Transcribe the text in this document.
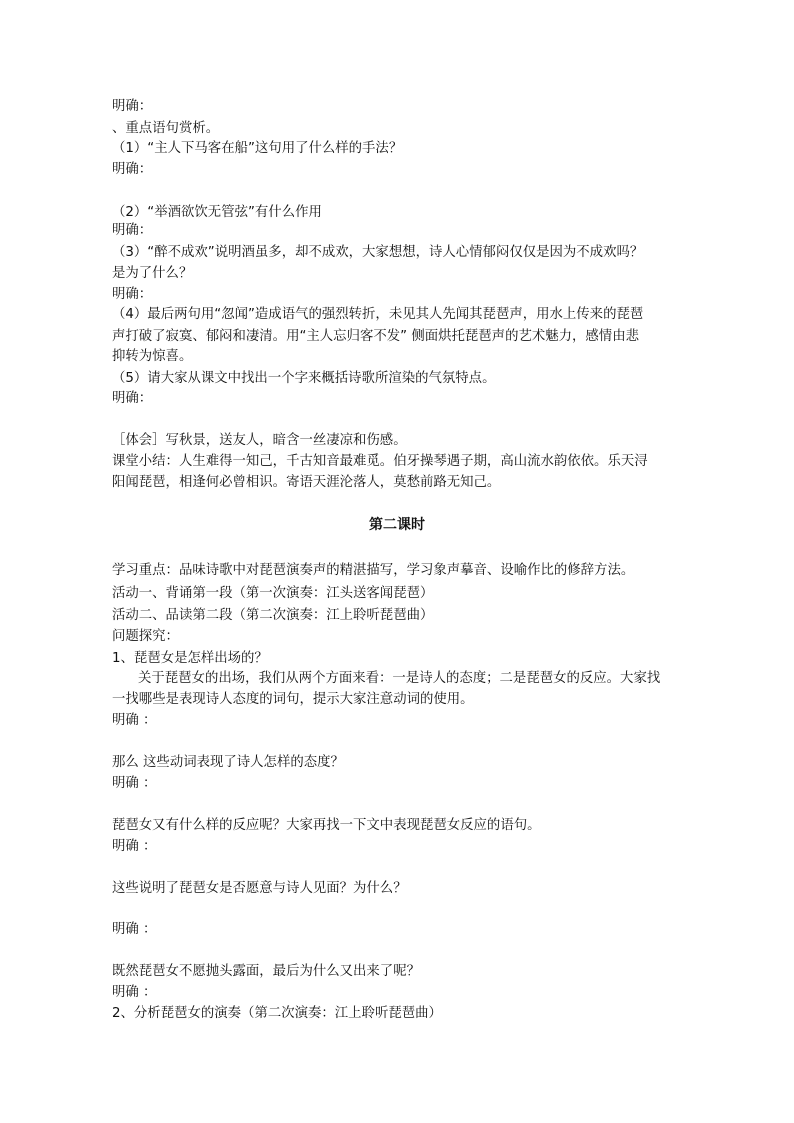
明确：

、重点语句赏析。

（1）“主人下马客在船”这句用了什么样的手法？

明确：

（2）“举酒欲饮无管弦”有什么作用

明确：

（3）“醉不成欢”说明酒虽多，却不成欢，大家想想，诗人心情郁闷仅仅是因为不成欢吗？

是为了什么？

明确：

（4）最后两句用“忽闻”造成语气的强烈转折，未见其人先闻其琵琶声，用水上传来的琵琶

声打破了寂寞、郁闷和凄清。用“主人忘归客不发” 侧面烘托琵琶声的艺术魅力，感情由悲

抑转为惊喜。

（5）请大家从课文中找出一个字来概括诗歌所渲染的气氛特点。

明确：

［体会］写秋景，送友人，暗含一丝凄凉和伤感。

课堂小结：人生难得一知己，千古知音最难觅。伯牙操琴遇子期，高山流水韵依依。乐天浔

阳闻琵琶，相逢何必曾相识。寄语天涯沦落人，莫愁前路无知己。

第二课时

学习重点：品味诗歌中对琵琶演奏声的精湛描写，学习象声摹音、设喻作比的修辞方法。

活动一、背诵第一段（第一次演奏：江头送客闻琵琶）

活动二、品读第二段（第二次演奏：江上聆听琵琶曲）

问题探究：

1、琵琶女是怎样出场的？

关于琵琶女的出场，我们从两个方面来看：一是诗人的态度；二是琵琶女的反应。大家找

一找哪些是表现诗人态度的词句，提示大家注意动词的使用。

明确 ：

那么 这些动词表现了诗人怎样的态度？

明确 ：

琵琶女又有什么样的反应呢？大家再找一下文中表现琵琶女反应的语句。

明确 ：

这些说明了琵琶女是否愿意与诗人见面？为什么？

明确 ：

既然琵琶女不愿抛头露面，最后为什么又出来了呢？

明确 ：

2、分析琵琶女的演奏（第二次演奏：江上聆听琵琶曲）
